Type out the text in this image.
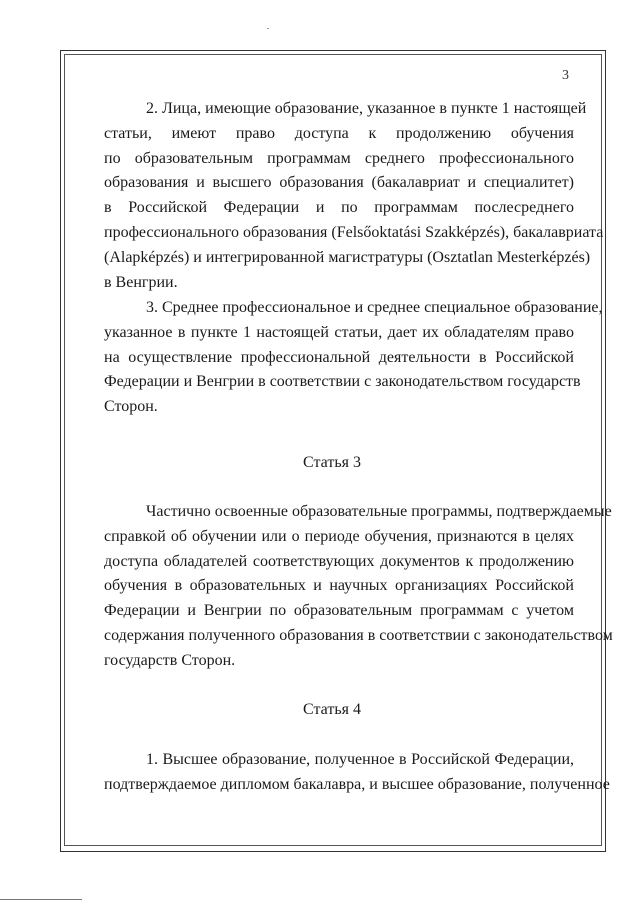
3

2. Лица, имеющие образование, указанное в пункте 1 настоящей
статьи, имеют право доступа к продолжению обучения
по образовательным программам среднего профессионального
образования и высшего образования (бакалавриат и специалитет)
в Российской Федерации и по программам послесреднего
профессионального образования (Felsőoktatási Szakképzés), бакалавриата
(Alapképzés) и интегрированной магистратуры (Osztatlan Mesterképzés)
в Венгрии.

3. Среднее профессиональное и среднее специальное образование,
указанное в пункте 1 настоящей статьи, дает их обладателям право
на осуществление профессиональной деятельности в Российской
Федерации и Венгрии в соответствии с законодательством государств
Сторон.

Статья 3

Частично освоенные образовательные программы, подтверждаемые
справкой об обучении или о периоде обучения, признаются в целях
доступа обладателей соответствующих документов к продолжению
обучения в образовательных и научных организациях Российской
Федерации и Венгрии по образовательным программам с учетом
содержания полученного образования в соответствии с законодательством
государств Сторон.

Статья 4

1. Высшее образование, полученное в Российской Федерации,
подтверждаемое дипломом бакалавра, и высшее образование, полученное
